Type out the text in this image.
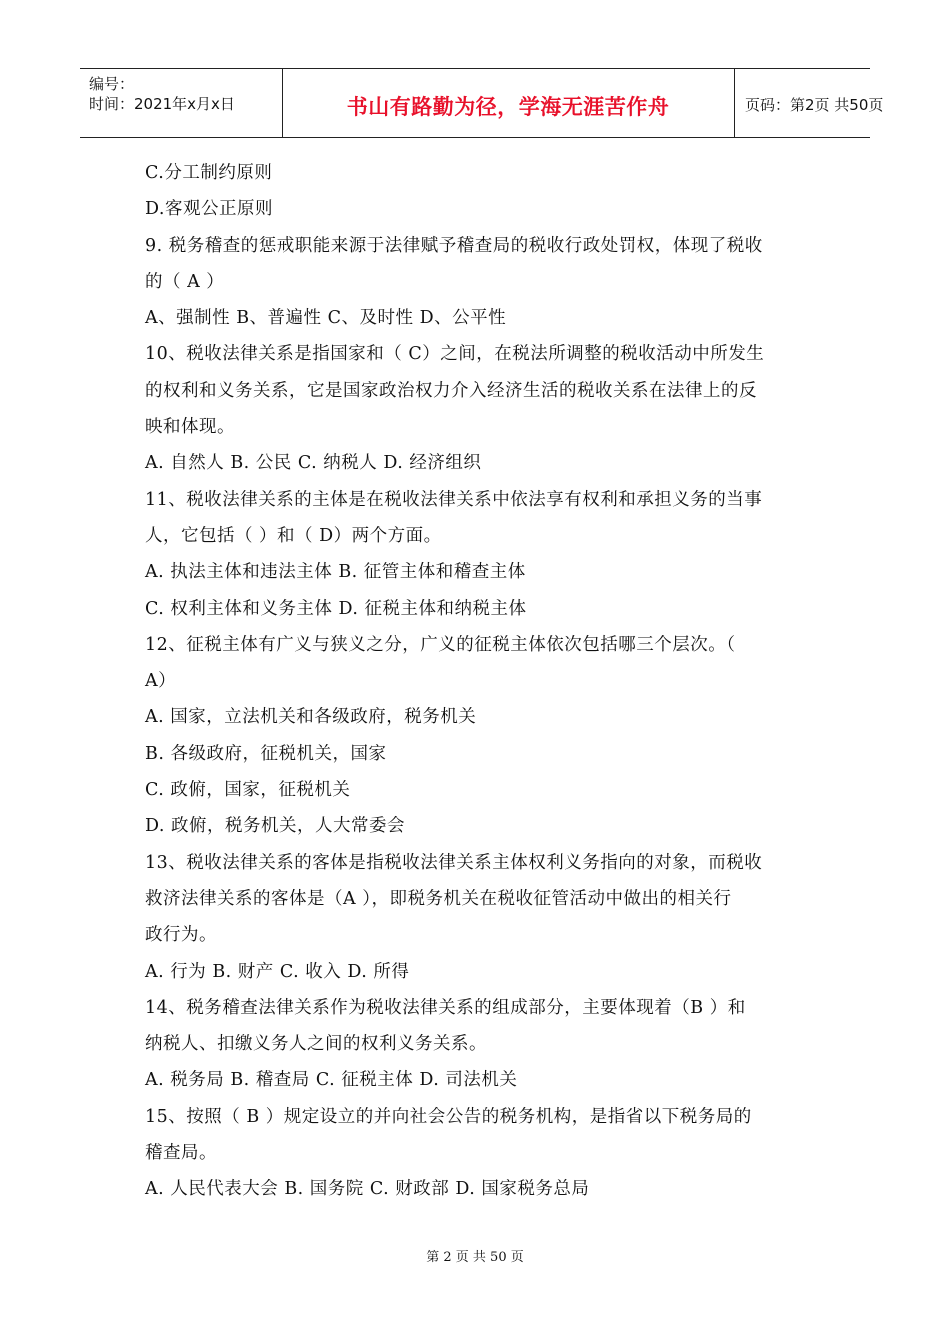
编号：
时间：2021年x月x日	书山有路勤为径，学海无涯苦作舟	页码：第2页 共50页
C.分工制约原则
D.客观公正原则
9. 税务稽查的惩戒职能来源于法律赋予稽查局的税收行政处罚权，体现了税收
的（ A ）
A、强制性 B、普遍性 C、及时性 D、公平性
10、税收法律关系是指国家和（ C）之间，在税法所调整的税收活动中所发生
的权利和义务关系，它是国家政治权力介入经济生活的税收关系在法律上的反
映和体现。
A. 自然人 B. 公民 C. 纳税人 D. 经济组织
11、税收法律关系的主体是在税收法律关系中依法享有权利和承担义务的当事
人，它包括（ ）和（ D）两个方面。
A. 执法主体和违法主体 B. 征管主体和稽查主体
C. 权利主体和义务主体 D. 征税主体和纳税主体
12、征税主体有广义与狭义之分，广义的征税主体依次包括哪三个层次。（
A）
A. 国家，立法机关和各级政府，税务机关
B. 各级政府，征税机关，国家
C. 政俯，国家，征税机关
D. 政俯，税务机关，人大常委会
13、税收法律关系的客体是指税收法律关系主体权利义务指向的对象，而税收
救济法律关系的客体是（A ），即税务机关在税收征管活动中做出的相关行
政行为。
A. 行为 B. 财产 C. 收入 D. 所得
14、税务稽查法律关系作为税收法律关系的组成部分，主要体现着（B ）和
纳税人、扣缴义务人之间的权利义务关系。
A. 税务局 B. 稽查局 C. 征税主体 D. 司法机关
15、按照（ B ）规定设立的并向社会公告的税务机构，是指省以下税务局的
稽查局。
A. 人民代表大会 B. 国务院 C. 财政部 D. 国家税务总局
第 2 页 共 50 页
